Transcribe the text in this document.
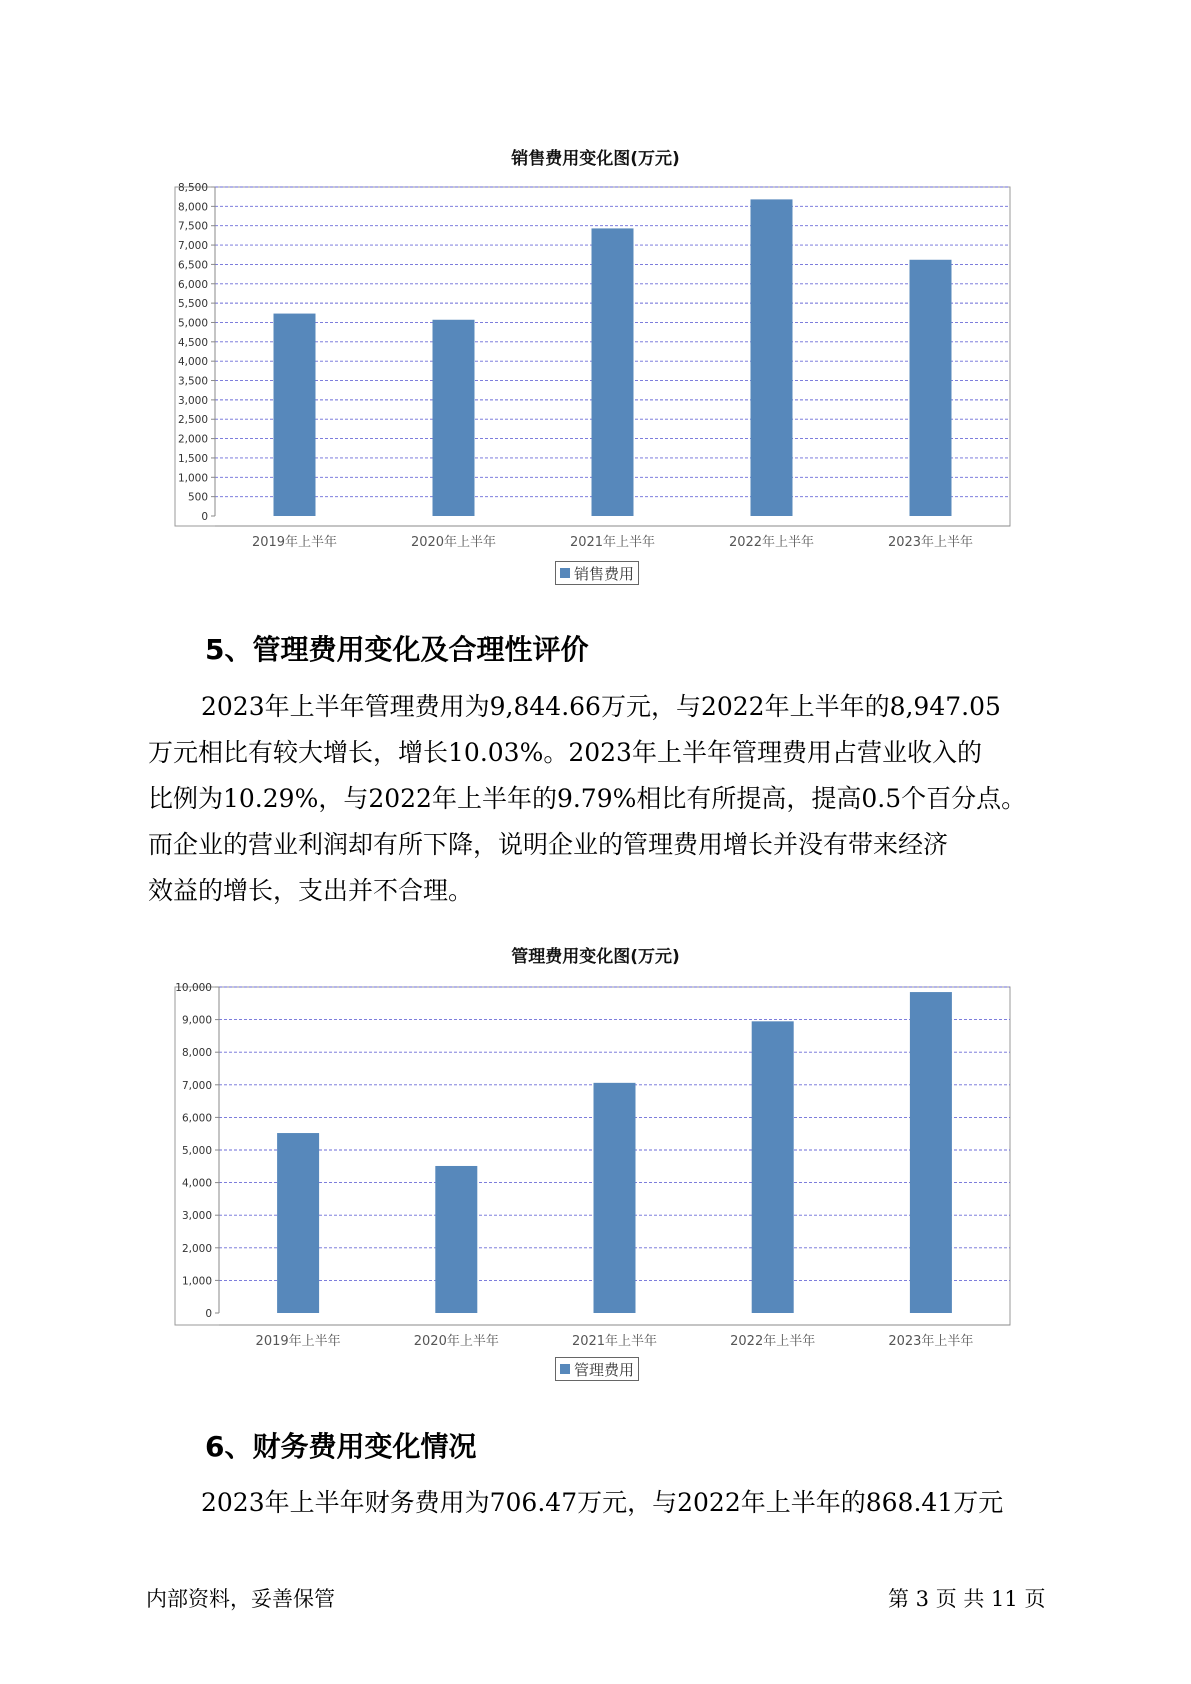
销售费用变化图(万元)
0
500
1,000
1,500
2,000
2,500
3,000
3,500
4,000
4,500
5,000
5,500
6,000
6,500
7,000
7,500
8,000
8,500
2019年上半年	2020年上半年	2021年上半年	2022年上半年	2023年上半年
销售费用
5、管理费用变化及合理性评价
2023年上半年管理费用为9,844.66万元，与2022年上半年的8,947.05
万元相比有较大增长，增长10.03%。2023年上半年管理费用占营业收入的
比例为10.29%，与2022年上半年的9.79%相比有所提高，提高0.5个百分点。
而企业的营业利润却有所下降，说明企业的管理费用增长并没有带来经济
效益的增长，支出并不合理。
管理费用变化图(万元)
0
1,000
2,000
3,000
4,000
5,000
6,000
7,000
8,000
9,000
10,000
2019年上半年	2020年上半年	2021年上半年	2022年上半年	2023年上半年
管理费用
6、财务费用变化情况
2023年上半年财务费用为706.47万元，与2022年上半年的868.41万元
内部资料，妥善保管	第 3 页 共 11 页
